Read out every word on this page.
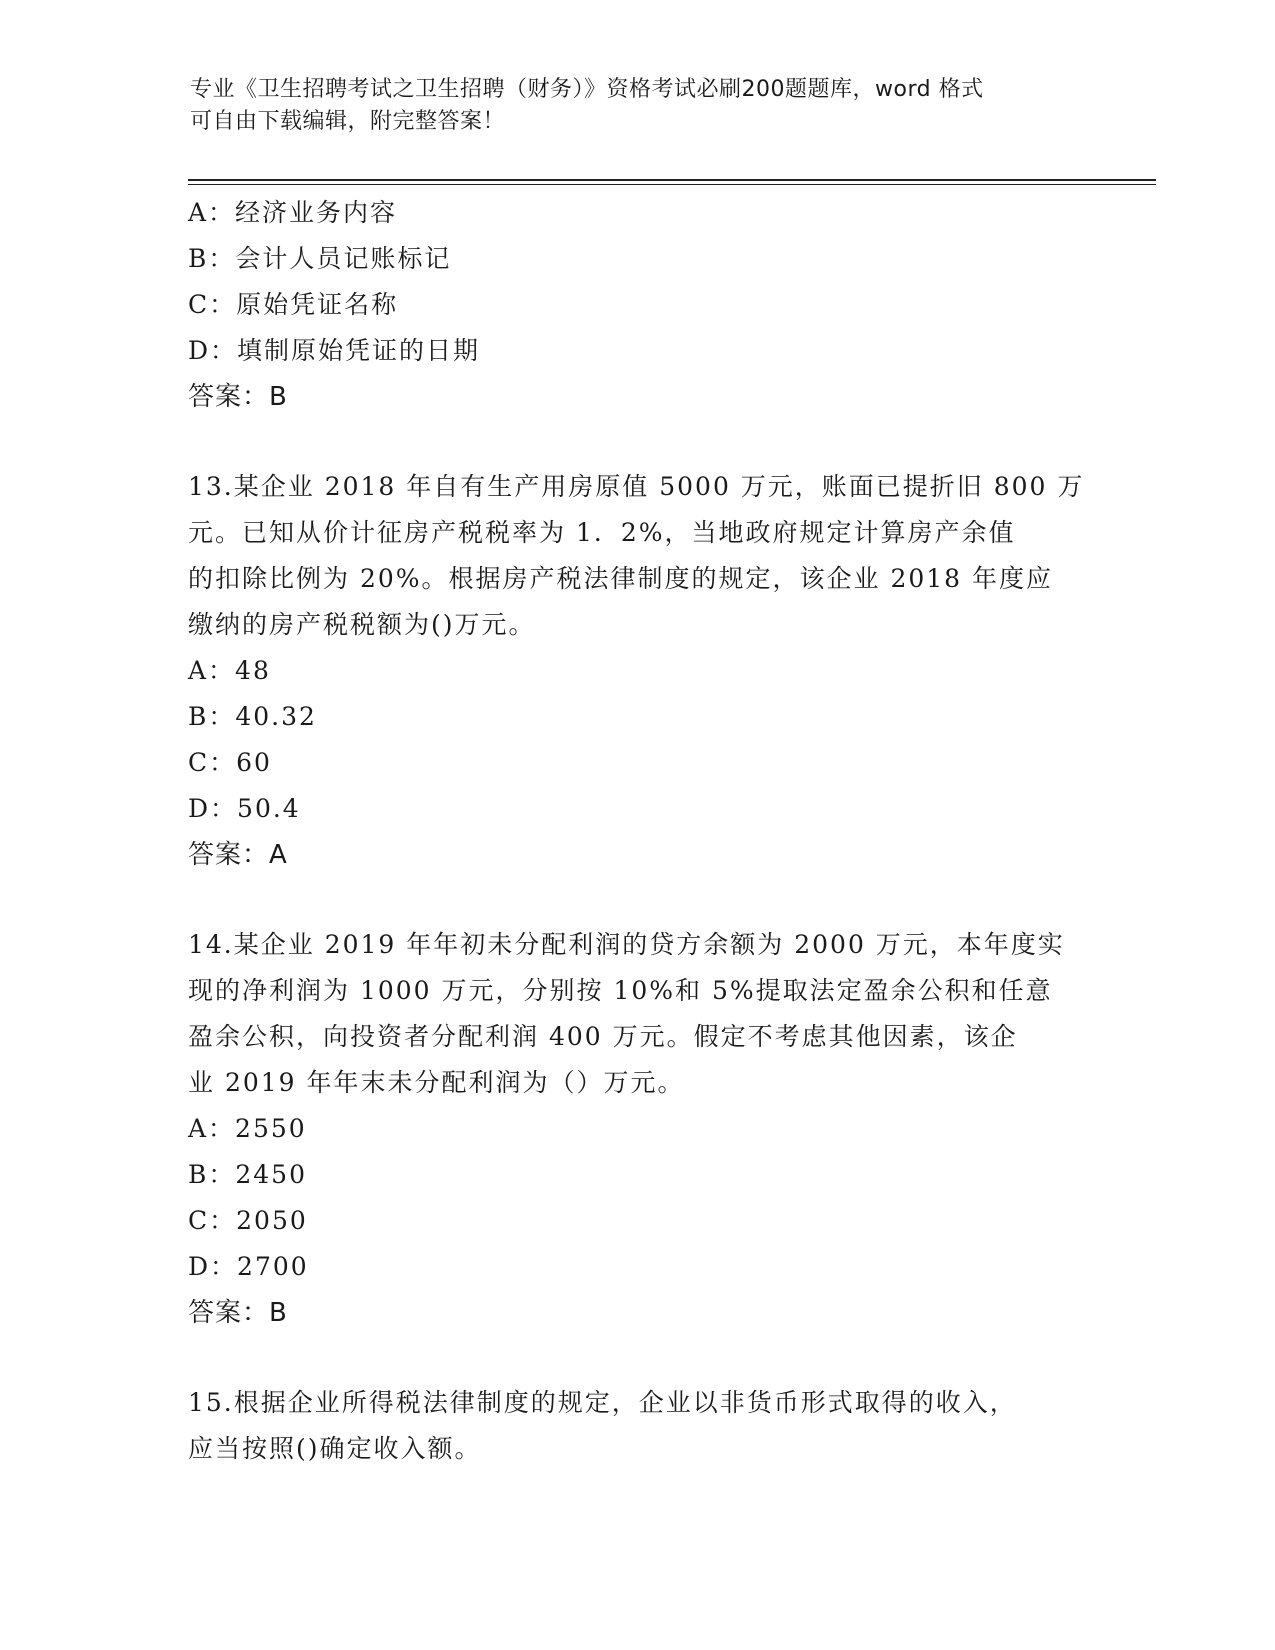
专业《卫生招聘考试之卫生招聘（财务）》资格考试必刷200题题库，word 格式
可自由下载编辑，附完整答案！

A：经济业务内容

B：会计人员记账标记

C：原始凭证名称

D：填制原始凭证的日期

答案：B

13.某企业 2018 年自有生产用房原值 5000 万元，账面已提折旧 800 万

元。已知从价计征房产税税率为 1．2%，当地政府规定计算房产余值

的扣除比例为 20%。根据房产税法律制度的规定，该企业 2018 年度应

缴纳的房产税税额为()万元。

A：48

B：40.32

C：60

D：50.4

答案：A

14.某企业 2019 年年初未分配利润的贷方余额为 2000 万元，本年度实

现的净利润为 1000 万元，分别按 10%和 5%提取法定盈余公积和任意

盈余公积，向投资者分配利润 400 万元。假定不考虑其他因素，该企

业 2019 年年末未分配利润为（）万元。

A：2550

B：2450

C：2050

D：2700

答案：B

15.根据企业所得税法律制度的规定，企业以非货币形式取得的收入，

应当按照()确定收入额。
